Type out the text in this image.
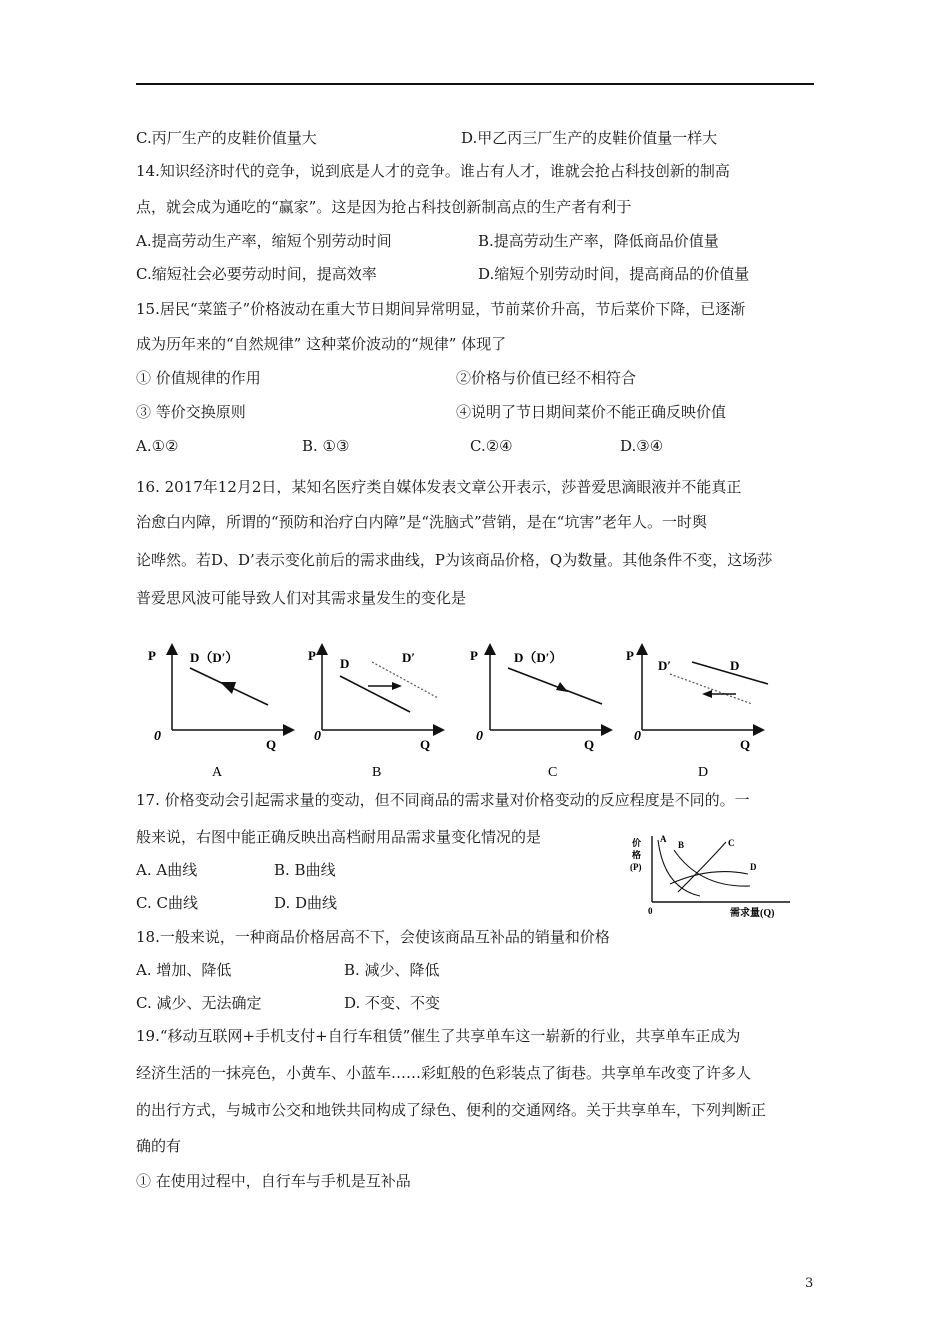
C.丙厂生产的皮鞋价值量大	D.甲乙丙三厂生产的皮鞋价值量一样大
14.知识经济时代的竞争，说到底是人才的竞争。谁占有人才，谁就会抢占科技创新的制高
点，就会成为通吃的“赢家”。这是因为抢占科技创新制高点的生产者有利于
A.提高劳动生产率，缩短个别劳动时间	B.提高劳动生产率，降低商品价值量
C.缩短社会必要劳动时间，提高效率	D.缩短个别劳动时间，提高商品的价值量
15.居民“菜篮子”价格波动在重大节日期间异常明显，节前菜价升高，节后菜价下降，已逐渐
成为历年来的“自然规律” 这种菜价波动的“规律” 体现了
① 价值规律的作用	②价格与价值已经不相符合
③ 等价交换原则	④说明了节日期间菜价不能正确反映价值
A.①②	B. ①③	C.②④	D.③④
16. 2017年12月2日，某知名医疗类自媒体发表文章公开表示，莎普爱思滴眼液并不能真正
治愈白内障，所谓的“预防和治疗白内障”是“洗脑式”营销，是在“坑害”老年人。一时舆
论哗然。若D、D’表示变化前后的需求曲线，P为该商品价格，Q为数量。其他条件不变，这场莎
普爱思风波可能导致人们对其需求量发生的变化是
P
0
Q
D（D′）
A
P
0
Q
D	D′
B
P
0
Q
D（D′）
C
P
0
Q
D′	D
D
17. 价格变动会引起需求量的变动，但不同商品的需求量对价格变动的反应程度是不同的。一
般来说，右图中能正确反映出高档耐用品需求量变化情况的是
A. A曲线	B. B曲线
C. C曲线	D. D曲线
价
格
(P)
0	需求量(Q)
A
B	C
D
18.一般来说，一种商品价格居高不下，会使该商品互补品的销量和价格
A. 增加、降低	B. 减少、降低
C. 减少、无法确定	D. 不变、不变
19.“移动互联网+手机支付+自行车租赁”催生了共享单车这一崭新的行业，共享单车正成为
经济生活的一抹亮色，小黄车、小蓝车……彩虹般的色彩装点了街巷。共享单车改变了许多人
的出行方式，与城市公交和地铁共同构成了绿色、便利的交通网络。关于共享单车，下列判断正
确的有
① 在使用过程中，自行车与手机是互补品
3
